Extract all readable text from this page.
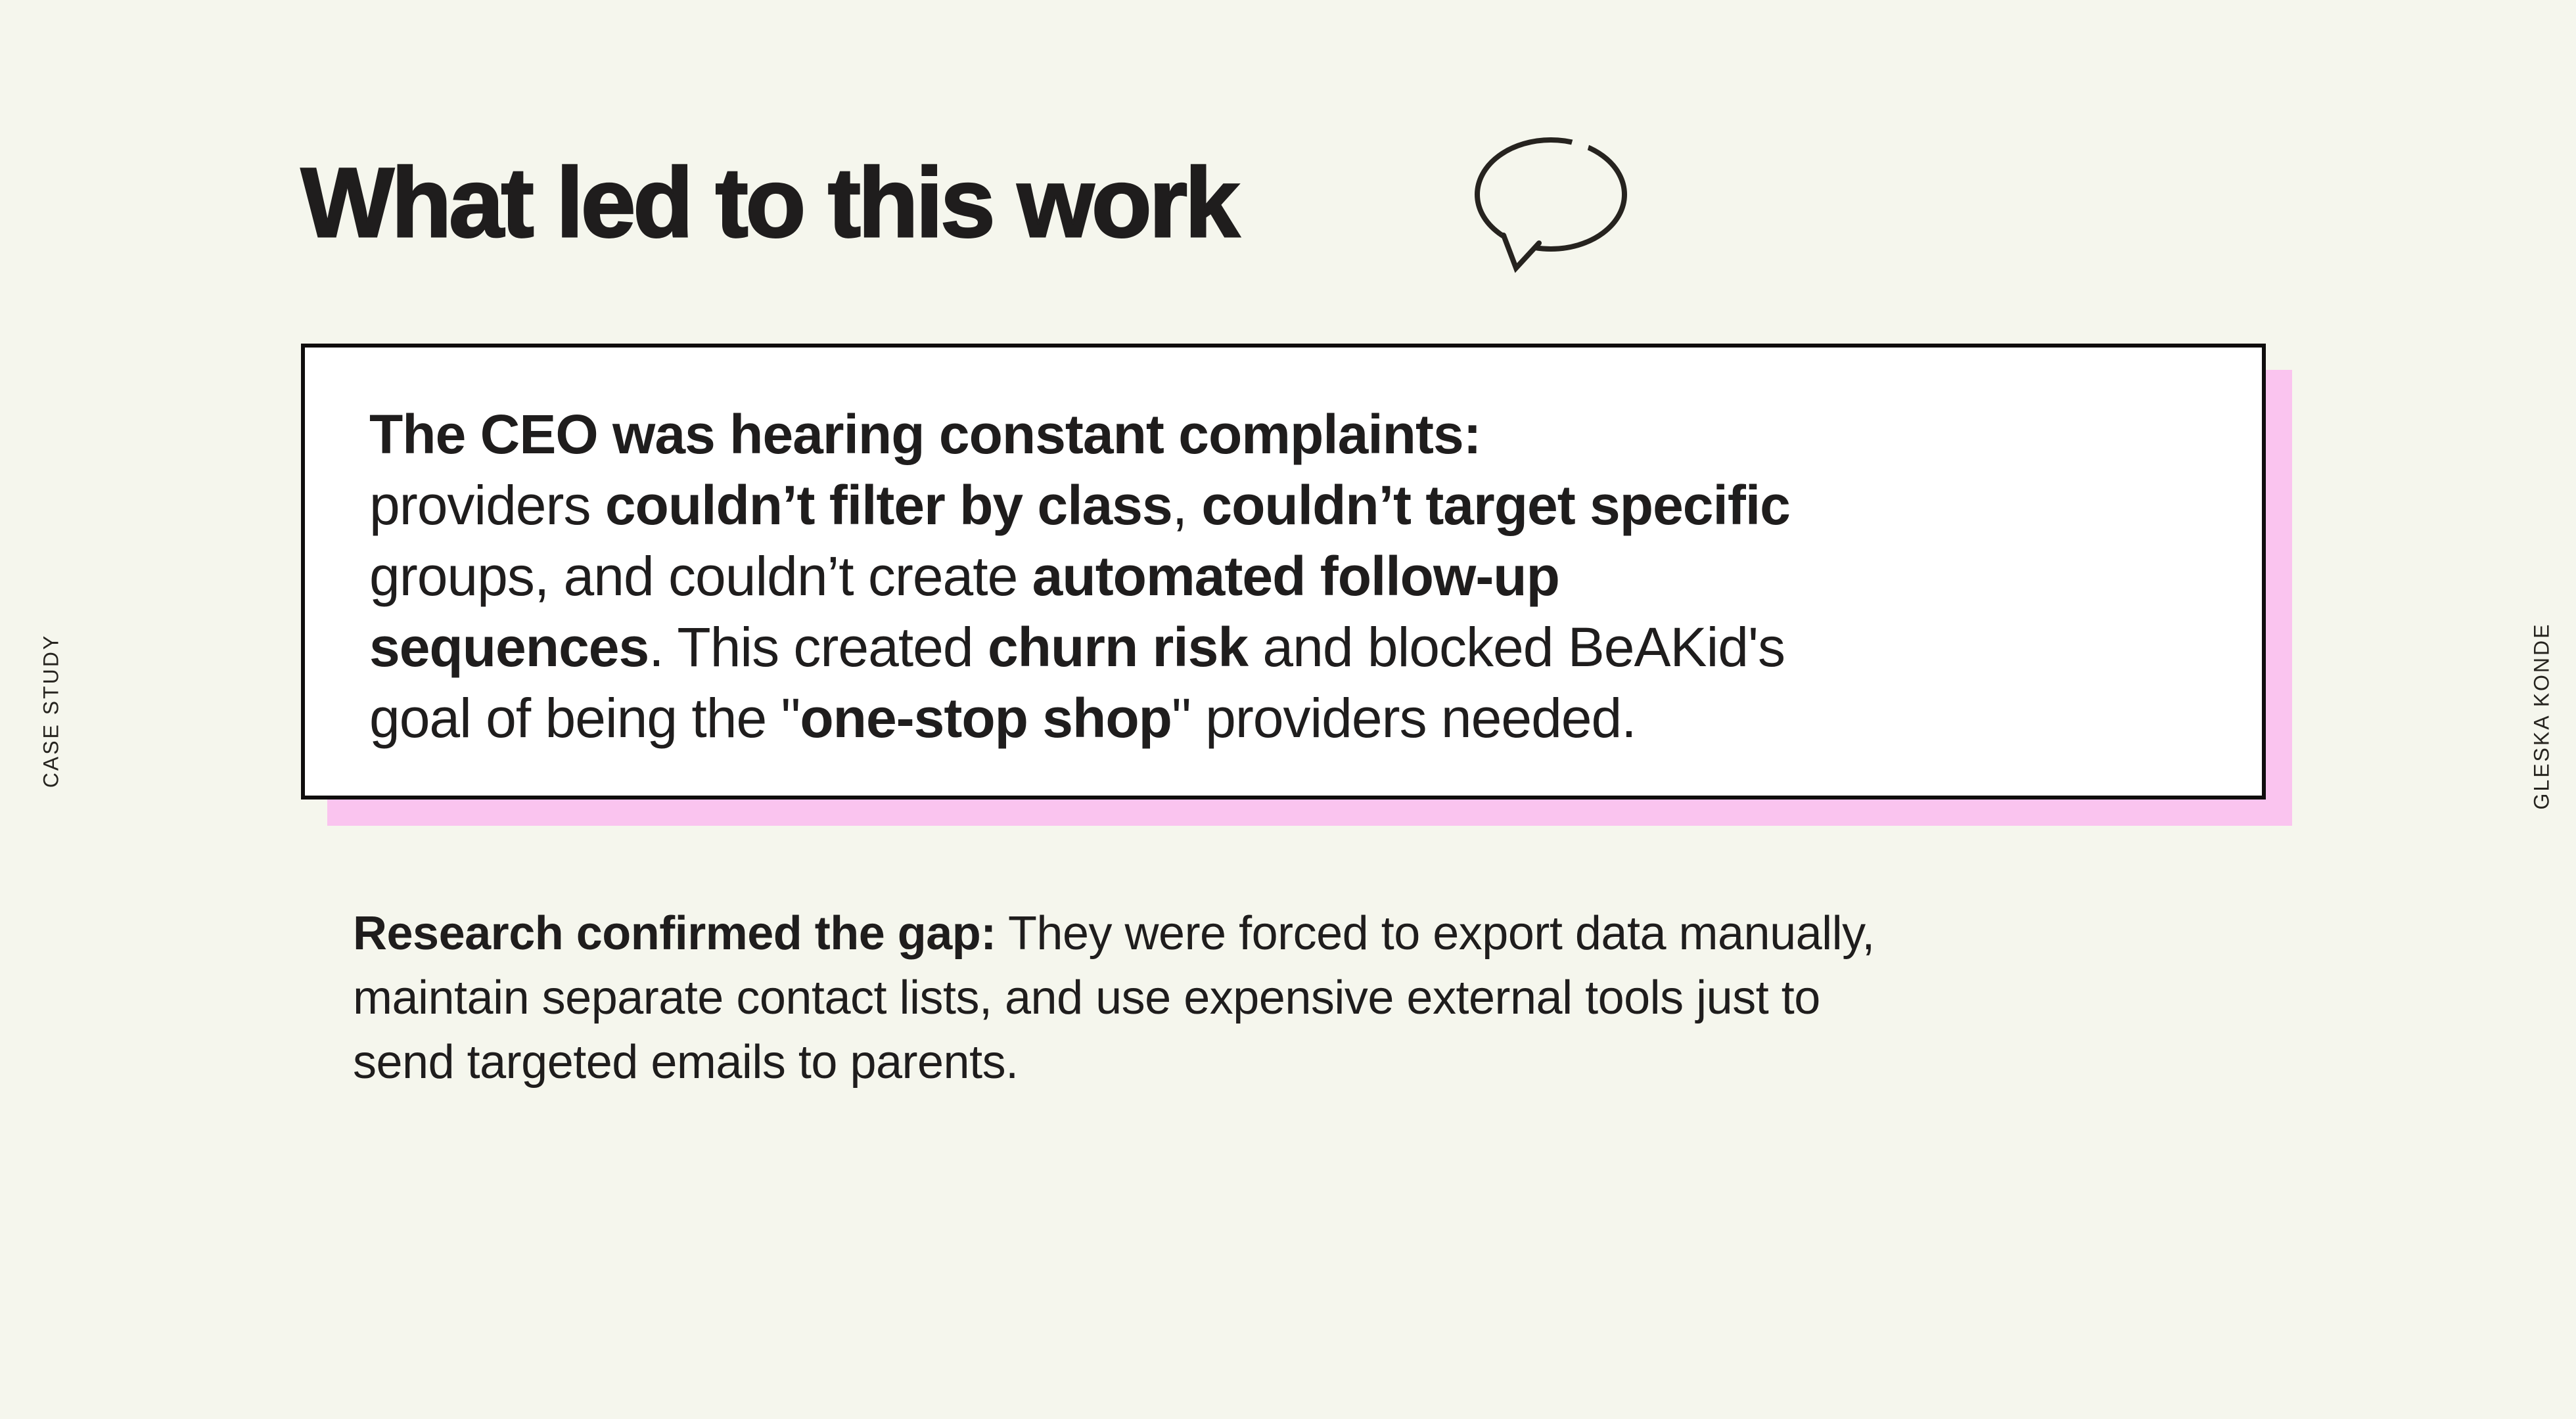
What led to this work
The CEO was hearing constant complaints:
providers couldn’t filter by class, couldn’t target specific
groups, and couldn’t create automated follow-up
sequences. This created churn risk and blocked BeAKid's
goal of being the "one-stop shop" providers needed.
Research confirmed the gap: They were forced to export data manually,
maintain separate contact lists, and use expensive external tools just to
send targeted emails to parents.
CASE STUDY	GLESKA KONDE
